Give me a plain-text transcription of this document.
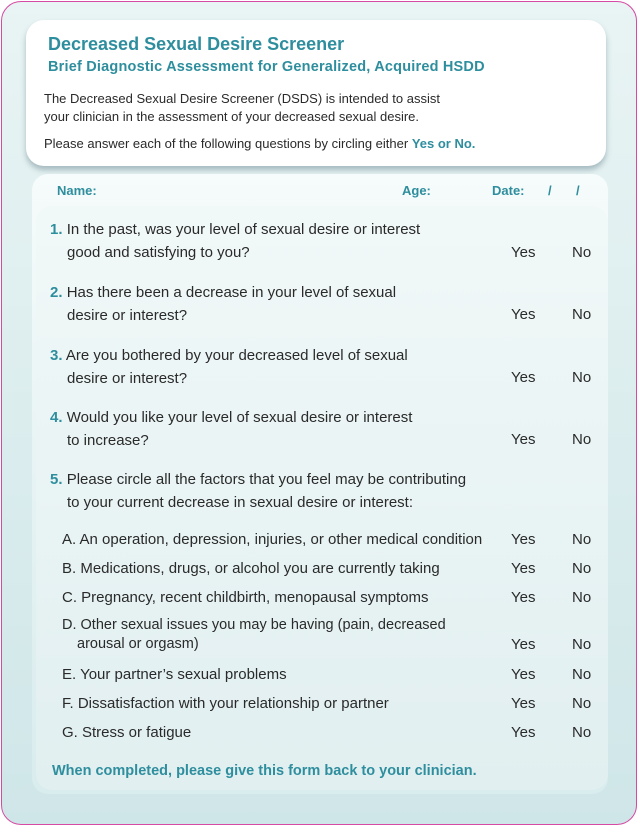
Decreased Sexual Desire Screener
Brief Diagnostic Assessment for Generalized, Acquired HSDD
The Decreased Sexual Desire Screener (DSDS) is intended to assist
your clinician in the assessment of your decreased sexual desire.
Please answer each of the following questions by circling either Yes or No.
Name:	Age:	Date: / /
1. In the past, was your level of sexual desire or interest
good and satisfying to you?	Yes No
2. Has there been a decrease in your level of sexual
desire or interest?	Yes No
3. Are you bothered by your decreased level of sexual
desire or interest?	Yes No
4. Would you like your level of sexual desire or interest
to increase?	Yes No
5. Please circle all the factors that you feel may be contributing
to your current decrease in sexual desire or interest:
A. An operation, depression, injuries, or other medical condition Yes No
B. Medications, drugs, or alcohol you are currently taking	Yes No
C. Pregnancy, recent childbirth, menopausal symptoms	Yes No
D. Other sexual issues you may be having (pain, decreased
arousal or orgasm)	Yes No
E. Your partner’s sexual problems	Yes No
F. Dissatisfaction with your relationship or partner	Yes No
G. Stress or fatigue	Yes No
When completed, please give this form back to your clinician.
